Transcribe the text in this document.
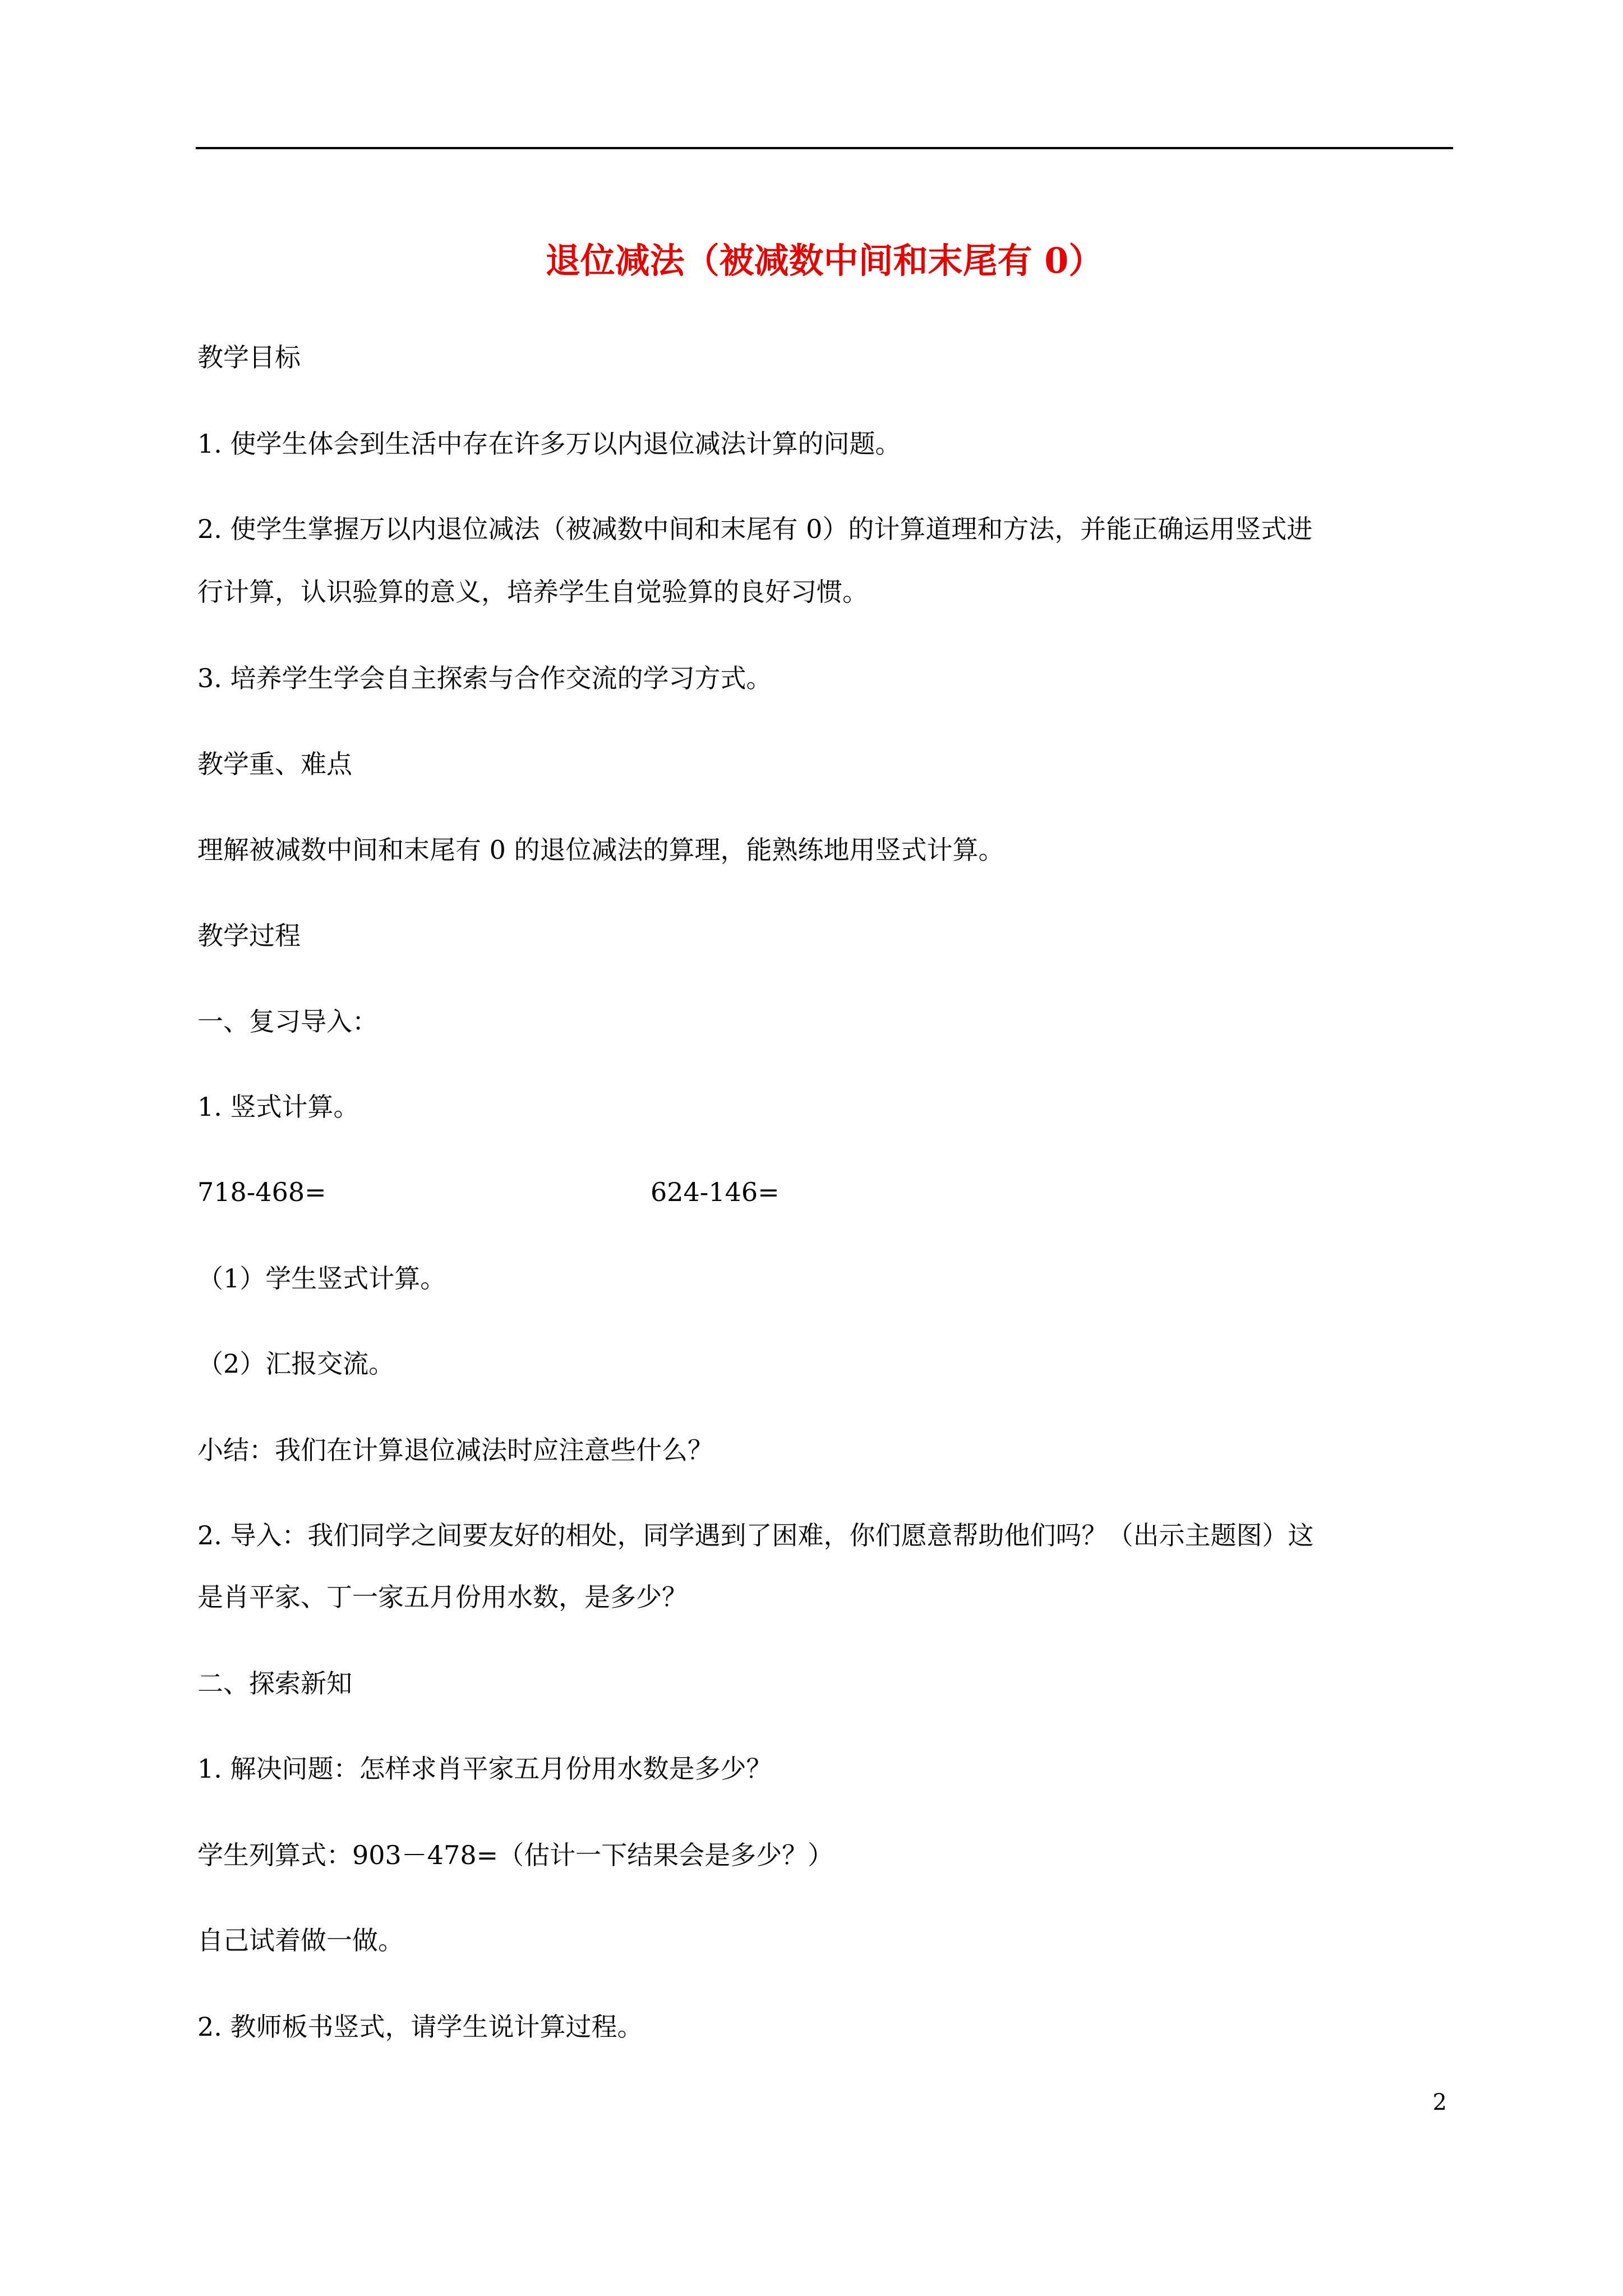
退位减法（被减数中间和末尾有 0）
教学目标
1. 使学生体会到生活中存在许多万以内退位减法计算的问题。
2. 使学生掌握万以内退位减法（被减数中间和末尾有 0）的计算道理和方法，并能正确运用竖式进
行计算，认识验算的意义，培养学生自觉验算的良好习惯。
3. 培养学生学会自主探索与合作交流的学习方式。
教学重、难点
理解被减数中间和末尾有 0 的退位减法的算理，能熟练地用竖式计算。
教学过程
一、复习导入：
1. 竖式计算。
718-468=	624-146=
（1）学生竖式计算。
（2）汇报交流。
小结：我们在计算退位减法时应注意些什么？
2. 导入：我们同学之间要友好的相处，同学遇到了困难，你们愿意帮助他们吗？（出示主题图）这
是肖平家、丁一家五月份用水数，是多少？
二、探索新知
1. 解决问题：怎样求肖平家五月份用水数是多少？
学生列算式：903－478=（估计一下结果会是多少？）
自己试着做一做。
2. 教师板书竖式，请学生说计算过程。
2
